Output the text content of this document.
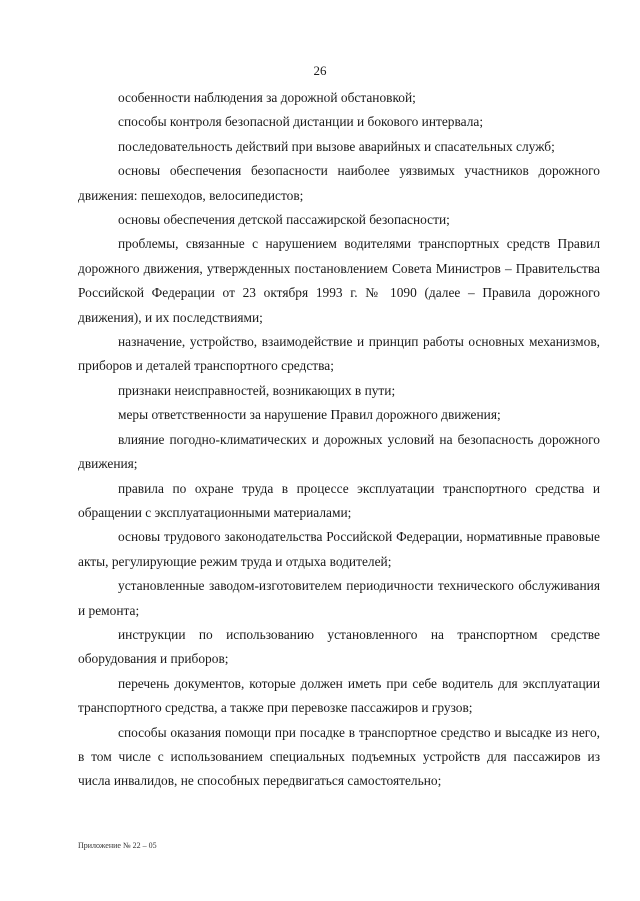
26

особенности наблюдения за дорожной обстановкой;

способы контроля безопасной дистанции и бокового интервала;

последовательность действий при вызове аварийных и спасательных служб;

основы обеспечения безопасности наиболее уязвимых участников дорожного движения: пешеходов, велосипедистов;

основы обеспечения детской пассажирской безопасности;

проблемы, связанные с нарушением водителями транспортных средств Правил дорожного движения, утвержденных постановлением Совета Министров – Правительства Российской Федерации от 23 октября 1993 г. № 1090 (далее – Правила дорожного движения), и их последствиями;

назначение, устройство, взаимодействие и принцип работы основных механизмов, приборов и деталей транспортного средства;

признаки неисправностей, возникающих в пути;

меры ответственности за нарушение Правил дорожного движения;

влияние погодно-климатических и дорожных условий на безопасность дорожного движения;

правила по охране труда в процессе эксплуатации транспортного средства и обращении с эксплуатационными материалами;

основы трудового законодательства Российской Федерации, нормативные правовые акты, регулирующие режим труда и отдыха водителей;

установленные заводом-изготовителем периодичности технического обслуживания и ремонта;

инструкции по использованию установленного на транспортном средстве оборудования и приборов;

перечень документов, которые должен иметь при себе водитель для эксплуатации транспортного средства, а также при перевозке пассажиров и грузов;

способы оказания помощи при посадке в транспортное средство и высадке из него, в том числе с использованием специальных подъемных устройств для пассажиров из числа инвалидов, не способных передвигаться самостоятельно;

Приложение № 22 – 05
